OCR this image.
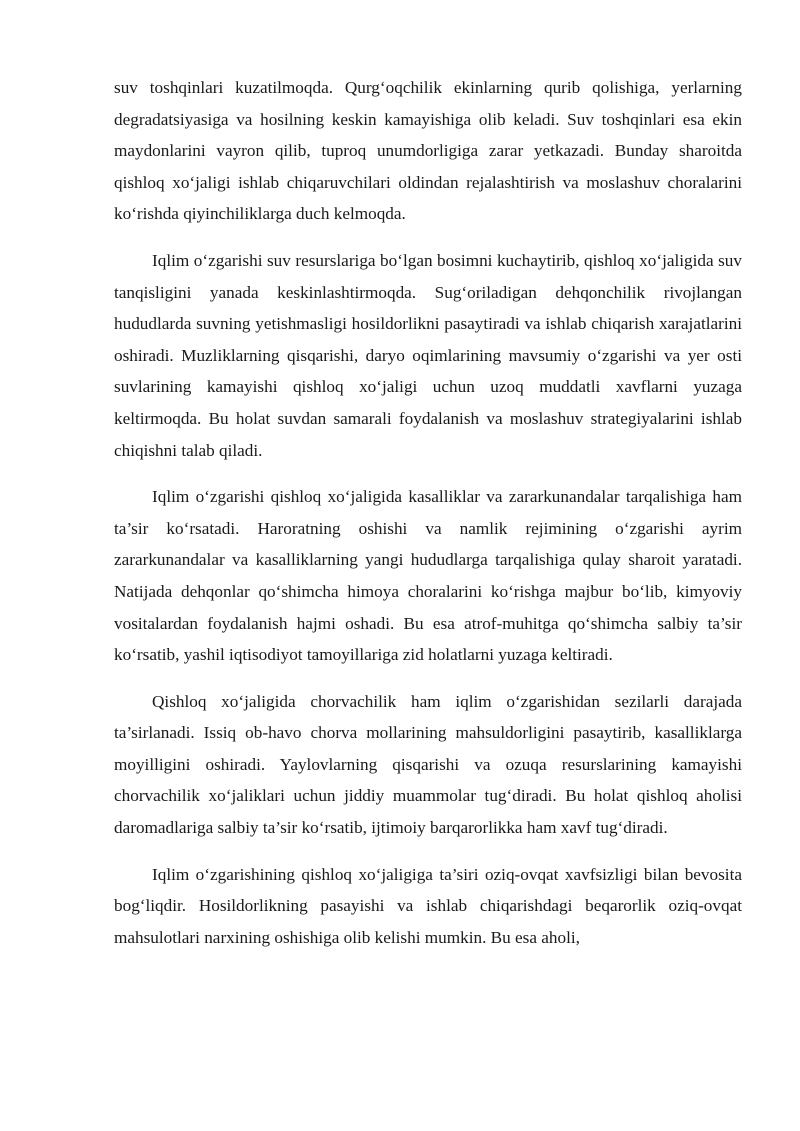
suv toshqinlari kuzatilmoqda. Qurg‘oqchilik ekinlarning qurib qolishiga, yerlarning degradatsiyasiga va hosilning keskin kamayishiga olib keladi. Suv toshqinlari esa ekin maydonlarini vayron qilib, tuproq unumdorligiga zarar yetkazadi. Bunday sharoitda qishloq xo‘jaligi ishlab chiqaruvchilari oldindan rejalashtirish va moslashuv choralarini ko‘rishda qiyinchiliklarga duch kelmoqda.

Iqlim o‘zgarishi suv resurslariga bo‘lgan bosimni kuchaytirib, qishloq xo‘jaligida suv tanqisligini yanada keskinlashtirmoqda. Sug‘oriladigan dehqonchilik rivojlangan hududlarda suvning yetishmasligi hosildorlikni pasaytiradi va ishlab chiqarish xarajatlarini oshiradi. Muzliklarning qisqarishi, daryo oqimlarining mavsumiy o‘zgarishi va yer osti suvlarining kamayishi qishloq xo‘jaligi uchun uzoq muddatli xavflarni yuzaga keltirmoqda. Bu holat suvdan samarali foydalanish va moslashuv strategiyalarini ishlab chiqishni talab qiladi.

Iqlim o‘zgarishi qishloq xo‘jaligida kasalliklar va zararkunandalar tarqalishiga ham ta’sir ko‘rsatadi. Haroratning oshishi va namlik rejimining o‘zgarishi ayrim zararkunandalar va kasalliklarning yangi hududlarga tarqalishiga qulay sharoit yaratadi. Natijada dehqonlar qo‘shimcha himoya choralarini ko‘rishga majbur bo‘lib, kimyoviy vositalardan foydalanish hajmi oshadi. Bu esa atrof-muhitga qo‘shimcha salbiy ta’sir ko‘rsatib, yashil iqtisodiyot tamoyillariga zid holatlarni yuzaga keltiradi.

Qishloq xo‘jaligida chorvachilik ham iqlim o‘zgarishidan sezilarli darajada ta’sirlanadi. Issiq ob-havo chorva mollarining mahsuldorligini pasaytirib, kasalliklarga moyilligini oshiradi. Yaylovlarning qisqarishi va ozuqa resurslarining kamayishi chorvachilik xo‘jaliklari uchun jiddiy muammolar tug‘diradi. Bu holat qishloq aholisi daromadlariga salbiy ta’sir ko‘rsatib, ijtimoiy barqarorlikka ham xavf tug‘diradi.

Iqlim o‘zgarishining qishloq xo‘jaligiga ta’siri oziq-ovqat xavfsizligi bilan bevosita bog‘liqdir. Hosildorlikning pasayishi va ishlab chiqarishdagi beqarorlik oziq-ovqat mahsulotlari narxining oshishiga olib kelishi mumkin. Bu esa aholi,
